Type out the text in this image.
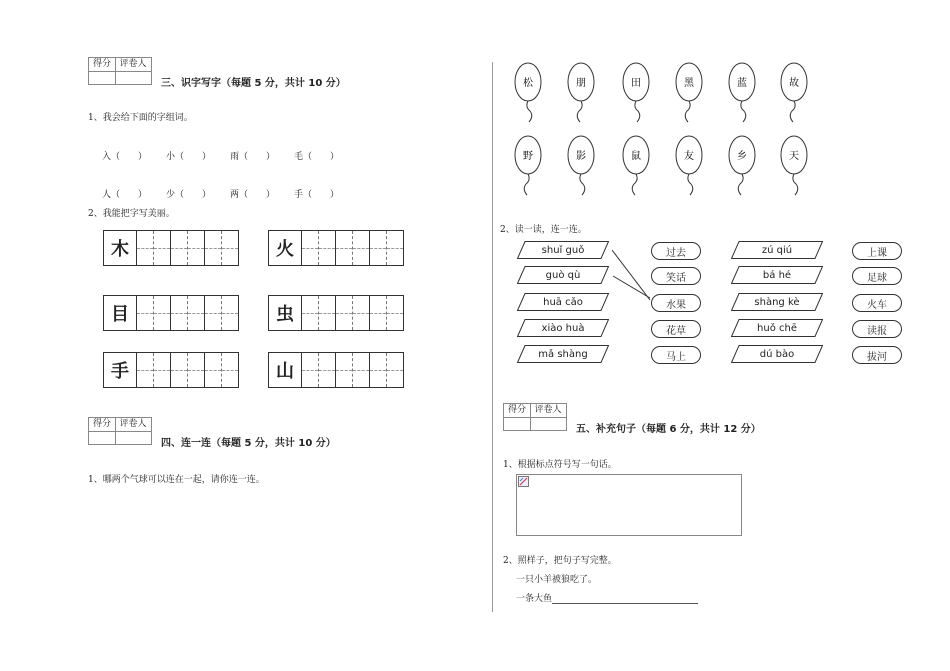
得分 评卷人
三、识字写字（每题 5 分，共计 10 分）
1、我会给下面的字组词。
入（　　） 小（　　） 雨（　　） 毛（　　）
人（　　） 少（　　） 两（　　） 手（　　）
2、我能把字写美丽。
木	火
目	虫
手	山
得分 评卷人
四、连一连（每题 5 分，共计 10 分）
1、哪两个气球可以连在一起，请你连一连。
松	朋	田	黑	蓝	故
野	影	鼠	友	乡	天
2、读一读，连一连。
shuǐ guǒ
guò qù
huā cǎo
xiào huà
mǎ shàng
过去
笑话
水果
花草
马上
zú qiú
bá hé
shàng kè
huǒ chē
dú bào
上课
足球
火车
读报
拔河
得分 评卷人
五、补充句子（每题 6 分，共计 12 分）
1、根据标点符号写一句话。
2、照样子，把句子写完整。
一只小羊被狼吃了。
一条大鱼
